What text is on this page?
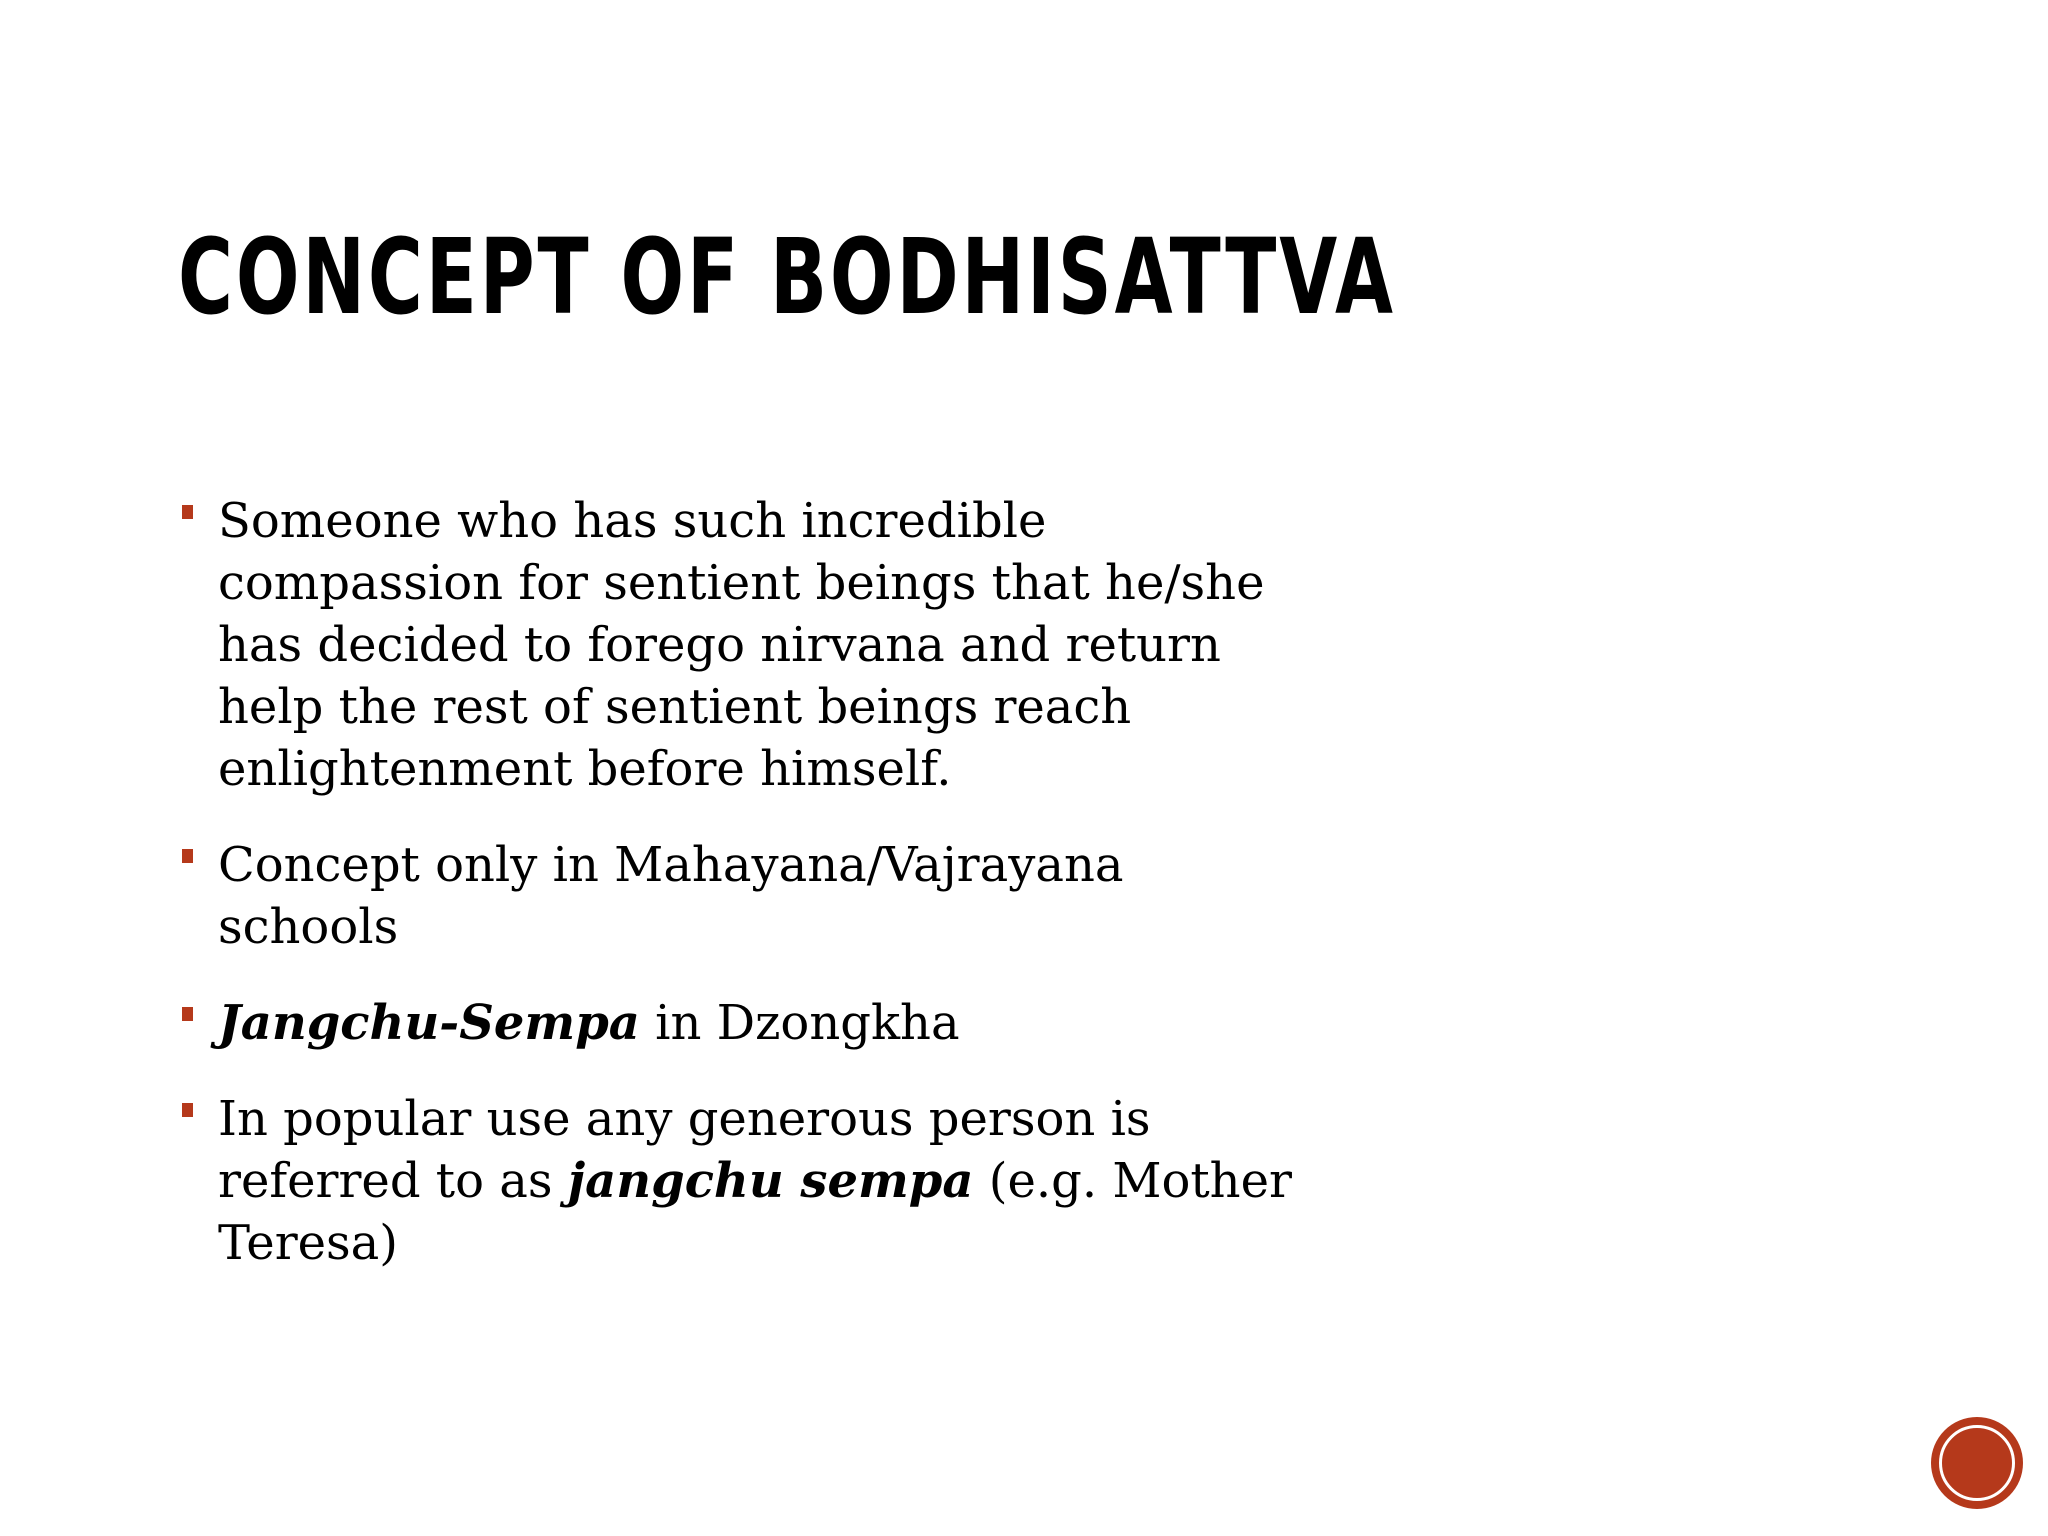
CONCEPT OF BODHISATTVA
Someone who has such incredible compassion for sentient beings that he/she has decided to forego nirvana and return help the rest of sentient beings reach enlightenment before himself.
Concept only in Mahayana/Vajrayana schools
Jangchu-Sempa in Dzongkha
In popular use any generous person is referred to as jangchu sempa (e.g. Mother Teresa)
